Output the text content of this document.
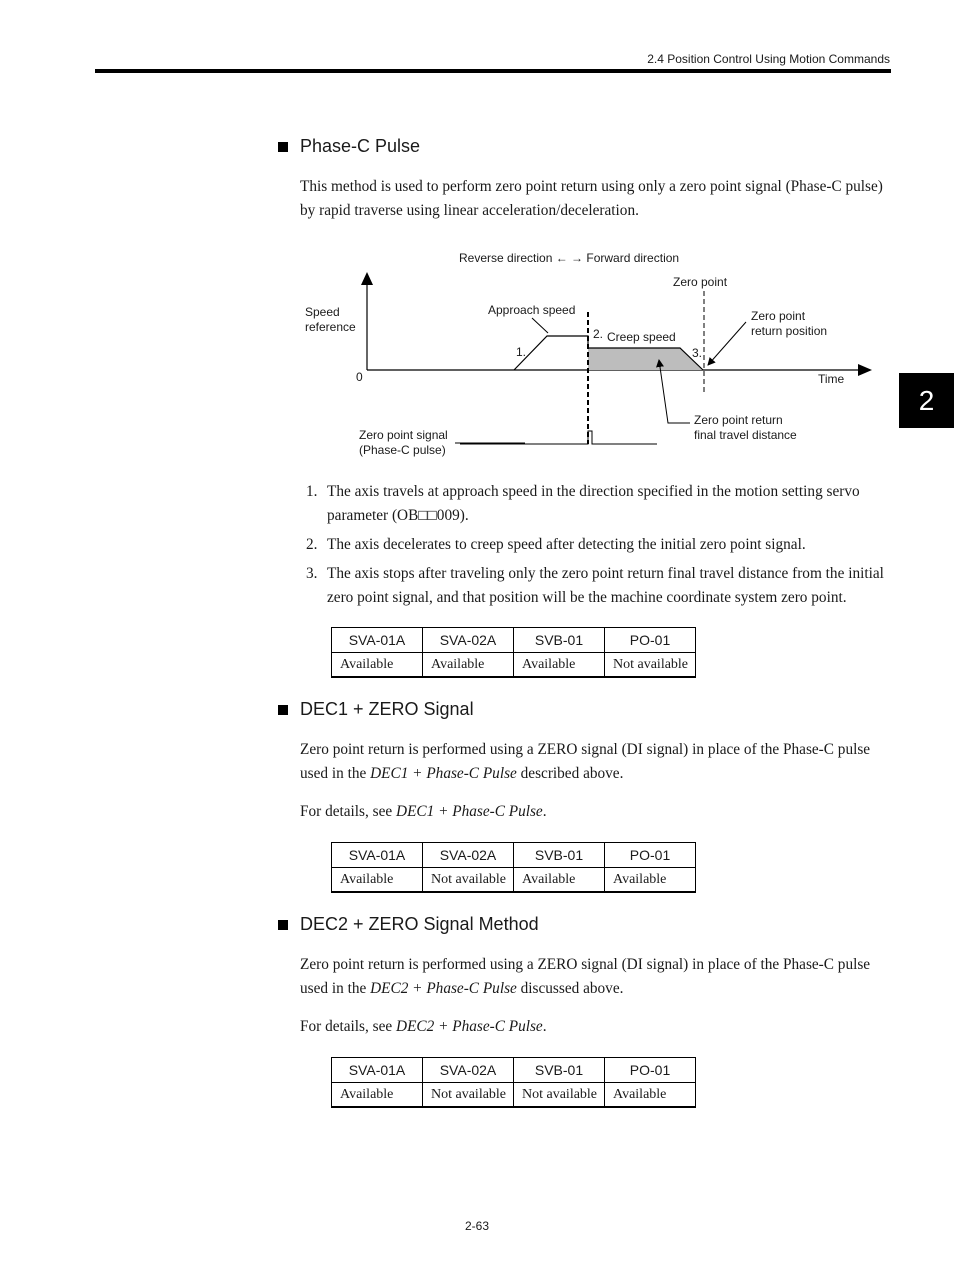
2.4 Position Control Using Motion Commands
2
Phase-C Pulse
This method is used to perform zero point return using only a zero point signal (Phase-C pulse) by rapid traverse using linear acceleration/deceleration.
Reverse direction ← → Forward direction
Zero point
Speed
reference
Approach speed
Creep speed
Zero point
return position
0	Time
1.
2.
3.
Zero point return
final travel distance
Zero point signal
(Phase-C pulse)
1. The axis travels at approach speed in the direction specified in the motion setting servo parameter (OB□□009).
2. The axis decelerates to creep speed after detecting the initial zero point signal.
3. The axis stops after traveling only the zero point return final travel distance from the initial zero point signal, and that position will be the machine coordinate system zero point.
SVA-01A	SVA-02A	SVB-01	PO-01
Available	Available	Available	Not available
DEC1 + ZERO Signal
Zero point return is performed using a ZERO signal (DI signal) in place of the Phase-C pulse used in the DEC1 + Phase-C Pulse described above.
For details, see DEC1 + Phase-C Pulse.
SVA-01A	SVA-02A	SVB-01	PO-01
Available	Not available	Available	Available
DEC2 + ZERO Signal Method
Zero point return is performed using a ZERO signal (DI signal) in place of the Phase-C pulse used in the DEC2 + Phase-C Pulse discussed above.
For details, see DEC2 + Phase-C Pulse.
SVA-01A	SVA-02A	SVB-01	PO-01
Available	Not available	Not available	Available
2-63
